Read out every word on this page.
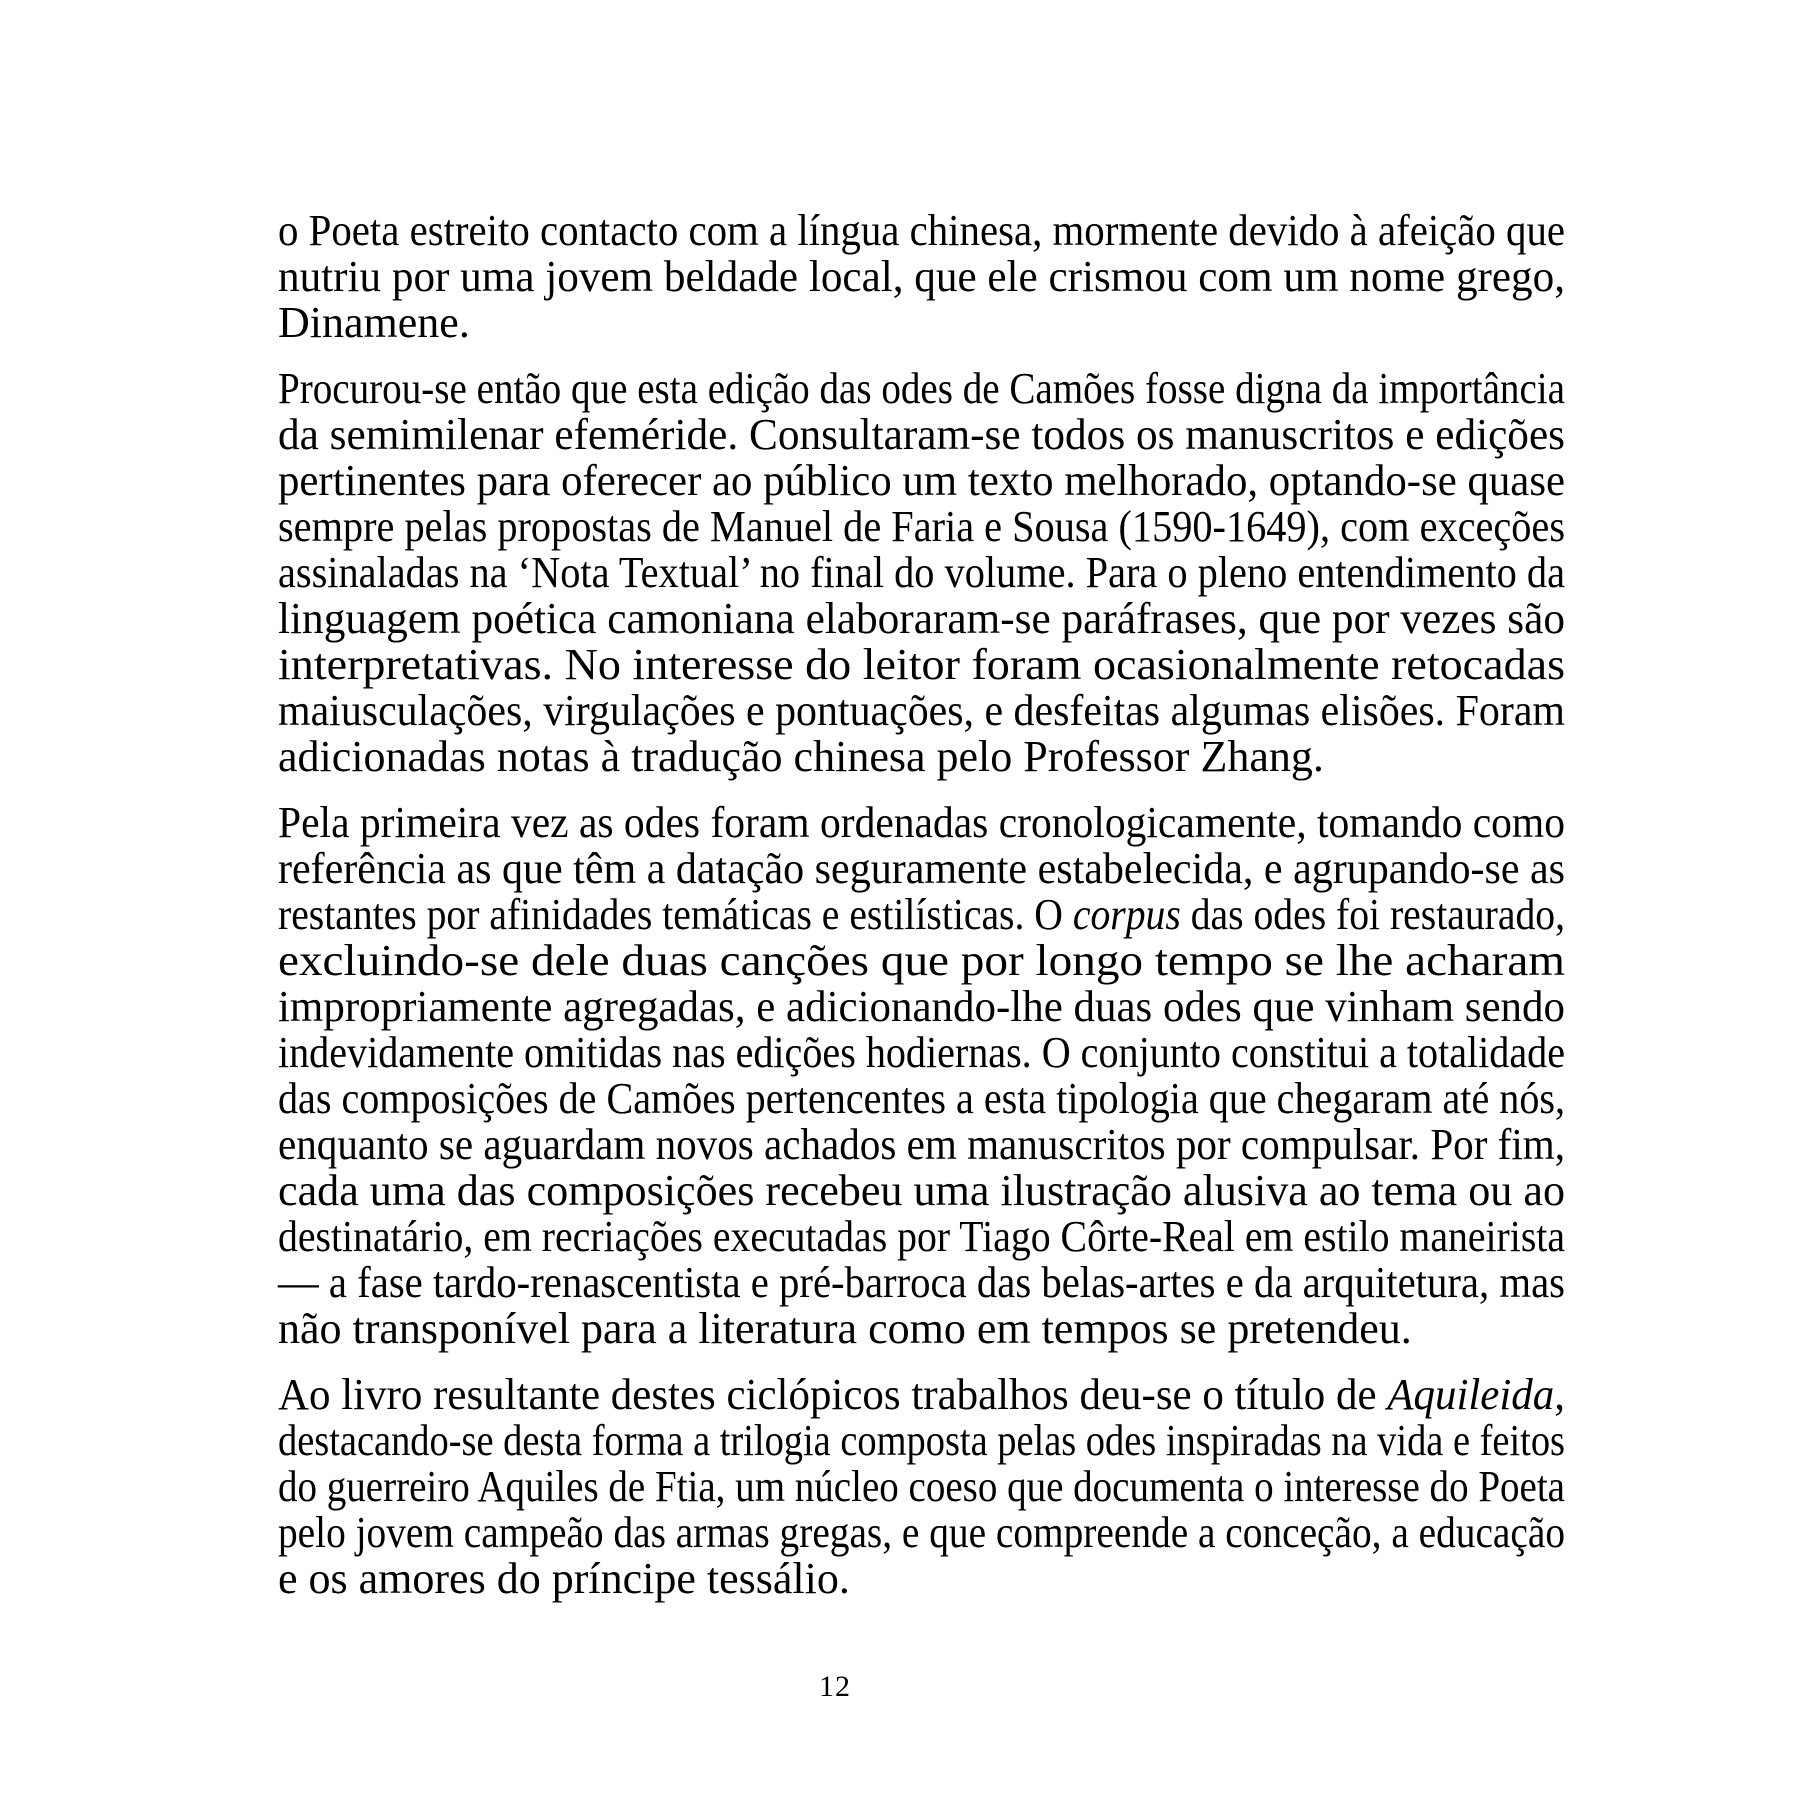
o Poeta estreito contacto com a língua chinesa, mormente devido à afeição que
nutriu por uma jovem beldade local, que ele crismou com um nome grego,
Dinamene.
Procurou-se então que esta edição das odes de Camões fosse digna da importância
da semimilenar efeméride. Consultaram-se todos os manuscritos e edições
pertinentes para oferecer ao público um texto melhorado, optando-se quase
sempre pelas propostas de Manuel de Faria e Sousa (1590-1649), com exceções
assinaladas na ‘Nota Textual’ no final do volume. Para o pleno entendimento da
linguagem poética camoniana elaboraram-se paráfrases, que por vezes são
interpretativas. No interesse do leitor foram ocasionalmente retocadas
maiusculações, virgulações e pontuações, e desfeitas algumas elisões. Foram
adicionadas notas à tradução chinesa pelo Professor Zhang.
Pela primeira vez as odes foram ordenadas cronologicamente, tomando como
referência as que têm a datação seguramente estabelecida, e agrupando-se as
restantes por afinidades temáticas e estilísticas. O corpus das odes foi restaurado,
excluindo-se dele duas canções que por longo tempo se lhe acharam
impropriamente agregadas, e adicionando-lhe duas odes que vinham sendo
indevidamente omitidas nas edições hodiernas. O conjunto constitui a totalidade
das composições de Camões pertencentes a esta tipologia que chegaram até nós,
enquanto se aguardam novos achados em manuscritos por compulsar. Por fim,
cada uma das composições recebeu uma ilustração alusiva ao tema ou ao
destinatário, em recriações executadas por Tiago Côrte-Real em estilo maneirista
— a fase tardo-renascentista e pré-barroca das belas-artes e da arquitetura, mas
não transponível para a literatura como em tempos se pretendeu.
Ao livro resultante destes ciclópicos trabalhos deu-se o título de Aquileida,
destacando-se desta forma a trilogia composta pelas odes inspiradas na vida e feitos
do guerreiro Aquiles de Ftia, um núcleo coeso que documenta o interesse do Poeta
pelo jovem campeão das armas gregas, e que compreende a conceção, a educação
e os amores do príncipe tessálio.
12
